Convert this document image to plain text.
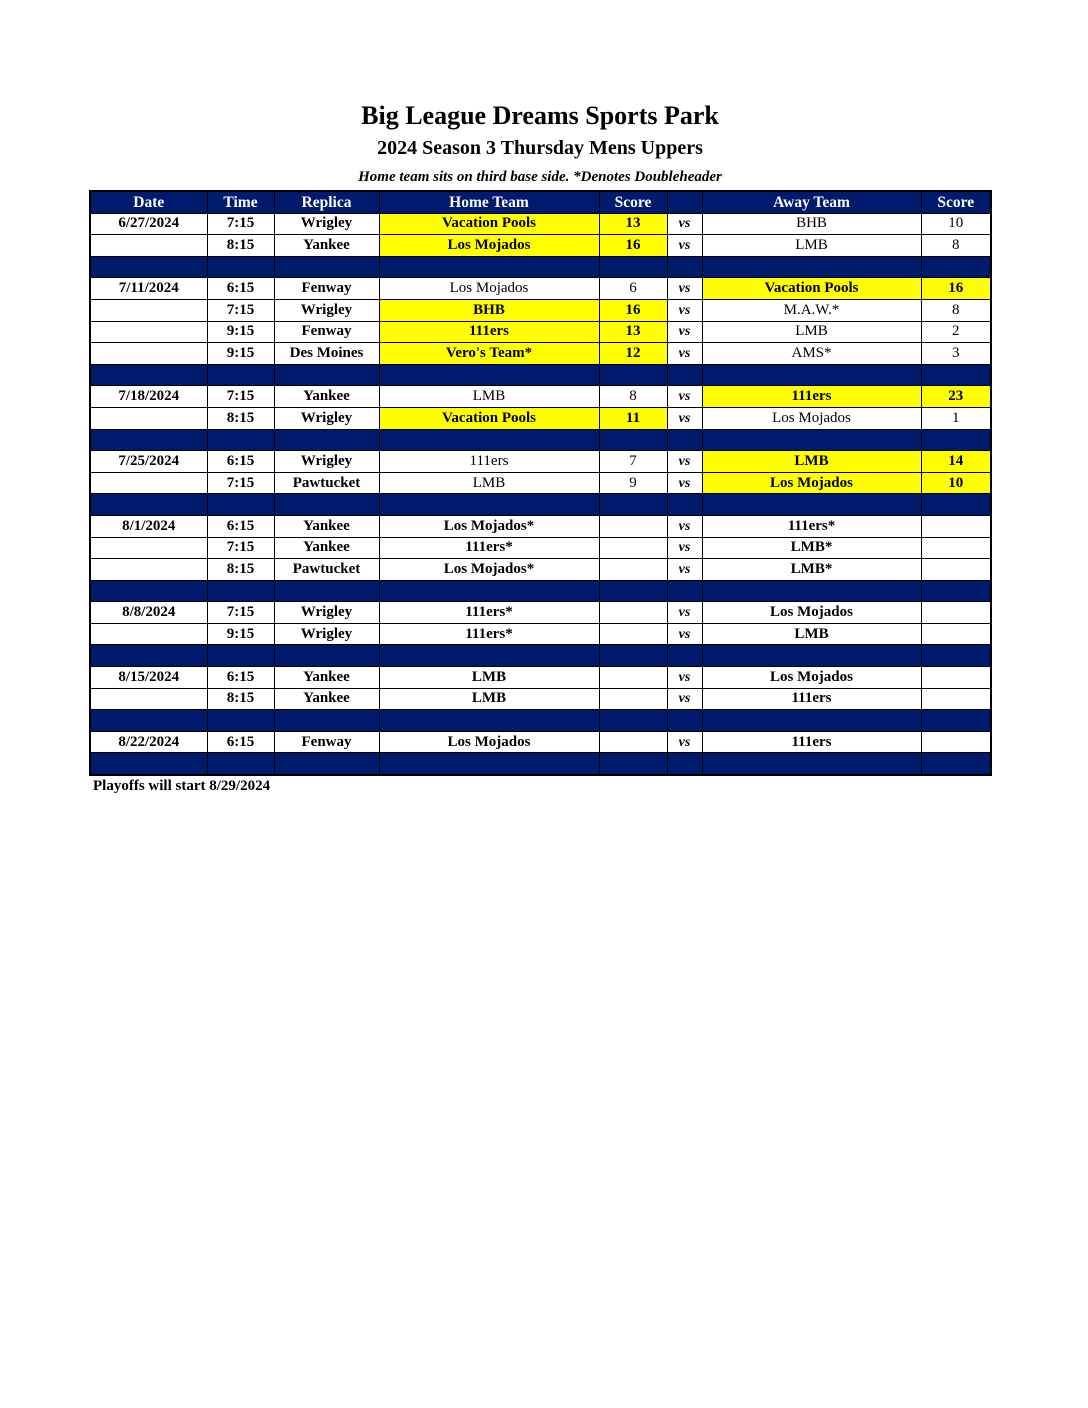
Big League Dreams Sports Park
2024 Season 3 Thursday Mens Uppers
Home team sits on third base side. *Denotes Doubleheader
Date	Time	Replica	Home Team	Score		Away Team	Score
6/27/2024	7:15	Wrigley	Vacation Pools	13	vs	BHB	10
	8:15	Yankee	Los Mojados	16	vs	LMB	8

7/11/2024	6:15	Fenway	Los Mojados	6	vs	Vacation Pools	16
	7:15	Wrigley	BHB	16	vs	M.A.W.*	8
	9:15	Fenway	111ers	13	vs	LMB	2
	9:15	Des Moines	Vero's Team*	12	vs	AMS*	3

7/18/2024	7:15	Yankee	LMB	8	vs	111ers	23
	8:15	Wrigley	Vacation Pools	11	vs	Los Mojados	1

7/25/2024	6:15	Wrigley	111ers	7	vs	LMB	14
	7:15	Pawtucket	LMB	9	vs	Los Mojados	10

8/1/2024	6:15	Yankee	Los Mojados*		vs	111ers*	
	7:15	Yankee	111ers*		vs	LMB*	
	8:15	Pawtucket	Los Mojados*		vs	LMB*	

8/8/2024	7:15	Wrigley	111ers*		vs	Los Mojados	
	9:15	Wrigley	111ers*		vs	LMB	

8/15/2024	6:15	Yankee	LMB		vs	Los Mojados	
	8:15	Yankee	LMB		vs	111ers	

8/22/2024	6:15	Fenway	Los Mojados		vs	111ers	

Playoffs will start 8/29/2024
